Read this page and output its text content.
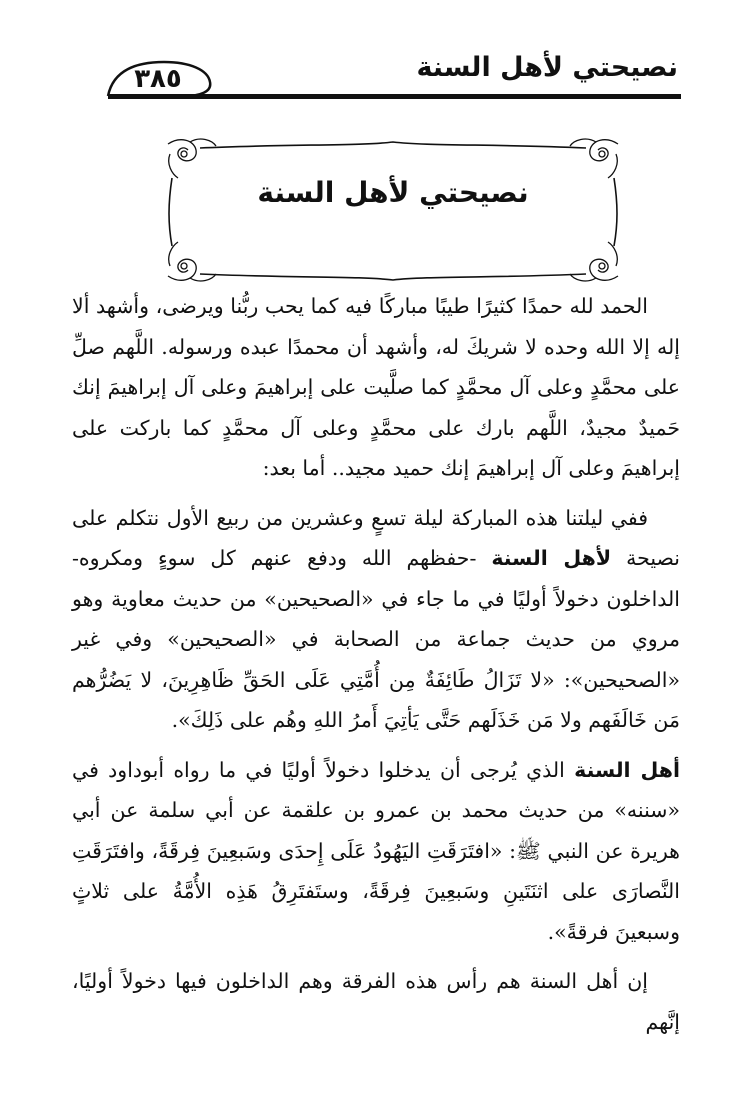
نصيحتي لأهل السنة
٣٨٥
نصيحتي لأهل السنة

الحمد لله حمدًا كثيرًا طيبًا مباركًا فيه كما يحب ربُّنا ويرضى، وأشهد ألا إله إلا الله وحده لا شريكَ له، وأشهد أن محمدًا عبده ورسوله. اللَّهم صلِّ على محمَّدٍ وعلى آل محمَّدٍ كما صلَّيت على إبراهيمَ وعلى آل إبراهيمَ إنك حَميدٌ مجيدٌ، اللَّهم بارك على محمَّدٍ وعلى آل محمَّدٍ كما باركت على إبراهيمَ وعلى آل إبراهيمَ إنك حميد مجيد.. أما بعد:

ففي ليلتنا هذه المباركة ليلة تسعٍ وعشرين من ربيع الأول نتكلم على نصيحة لأهل السنة -حفظهم الله ودفع عنهم كل سوءٍ ومكروه- الداخلون دخولاً أوليًا في ما جاء في «الصحيحين» من حديث معاوية وهو مروي من حديث جماعة من الصحابة في «الصحيحين» وفي غير «الصحيحين»: «لا تَزَالُ طَائِفَةٌ مِن أُمَّتِي عَلَى الحَقِّ ظَاهِرِينَ، لا يَضُرُّهم مَن خَالَفَهم ولا مَن خَذَلَهم حَتَّى يَأتِيَ أَمرُ اللهِ وهُم على ذَلِكَ».

أهل السنة الذي يُرجى أن يدخلوا دخولاً أوليًا في ما رواه أبوداود في «سننه» من حديث محمد بن عمرو بن علقمة عن أبي سلمة عن أبي هريرة عن النبي ﷺ: «افتَرَقَتِ اليَهُودُ عَلَى إِحدَى وسَبعِينَ فِرقَةً، وافتَرَقَتِ النَّصارَى على اثنَتَينِ وسَبعِينَ فِرقَةً، وستَفتَرِقُ هَذِه الأُمَّةُ على ثلاثٍ وسبعينَ فرقةً».

إن أهل السنة هم رأس هذه الفرقة وهم الداخلون فيها دخولاً أوليًا، إنَّهم
